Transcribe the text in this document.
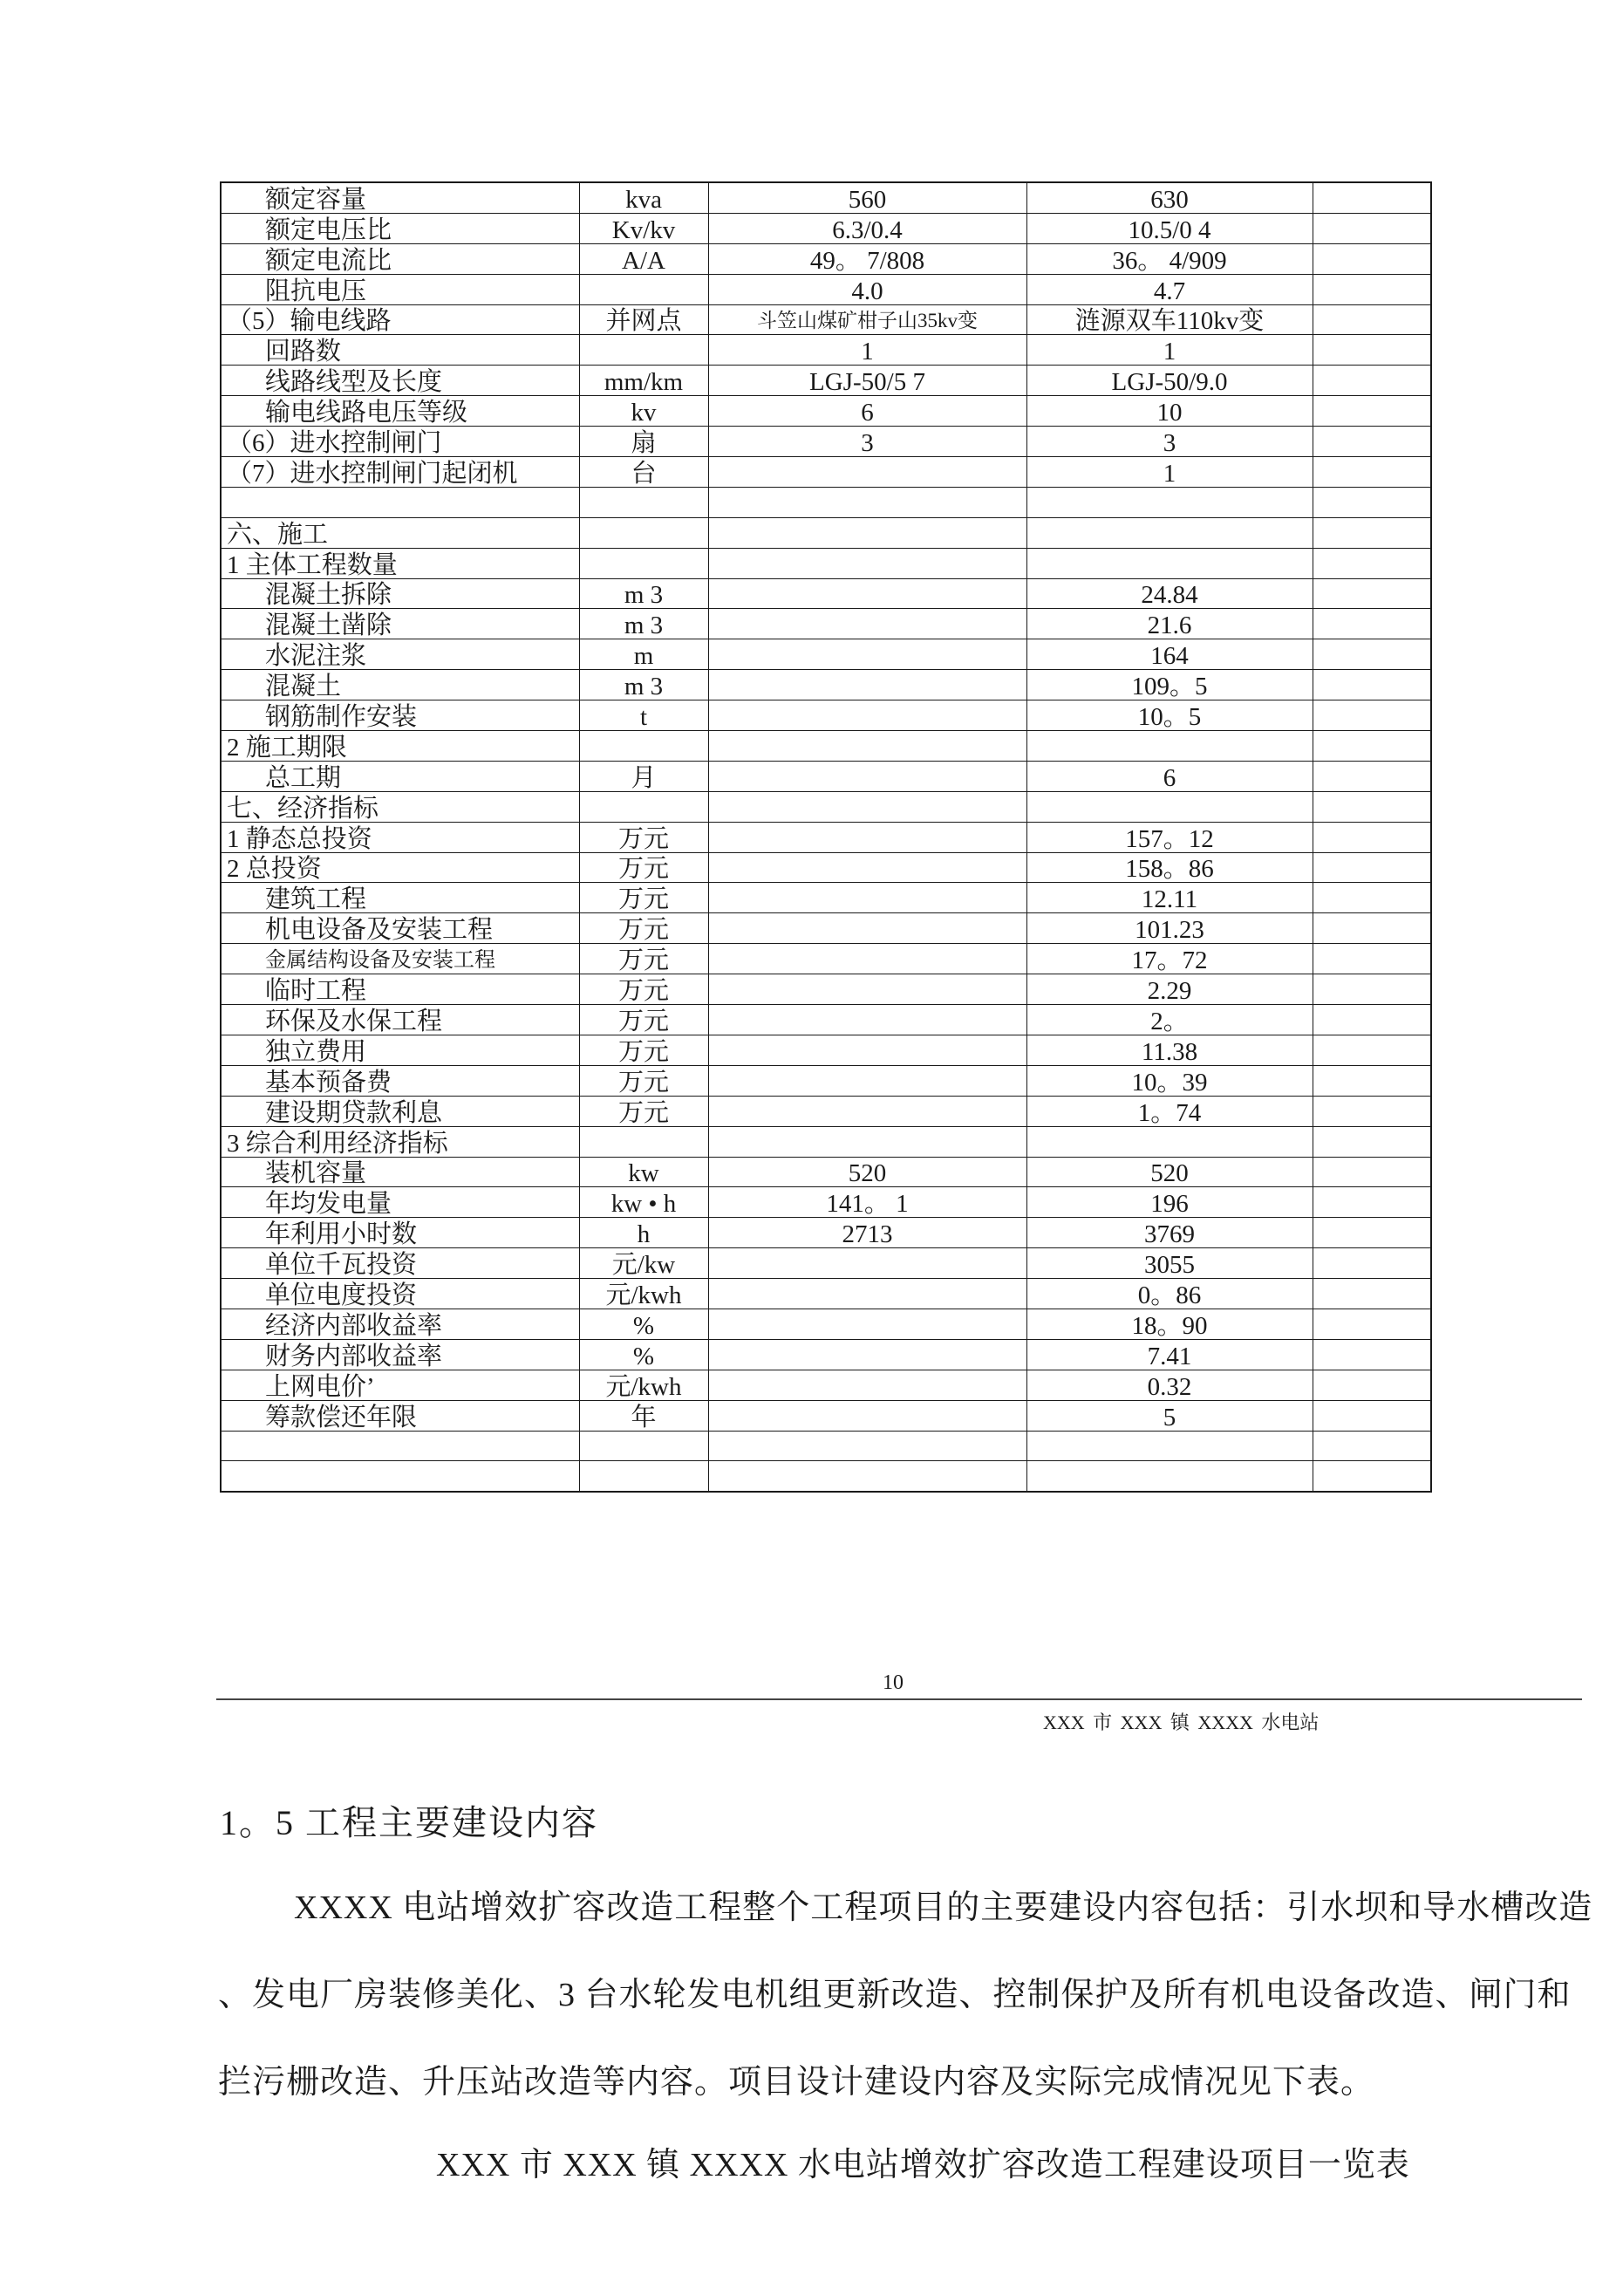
额定容量	kva	560	630	
额定电压比	Kv/kv	6.3/0.4	10.5/0 4	
额定电流比	A/A	49。 7/808	36。 4/909	
阻抗电压		4.0	4.7	
（5）输电线路	并网点	斗笠山煤矿柑子山35kv变	涟源双车110kv变	
回路数		1	1	
线路线型及长度	mm/km	LGJ-50/5 7	LGJ-50/9.0	
输电线路电压等级	kv	6	10	
（6）进水控制闸门	扇	3	3	
（7）进水控制闸门起闭机	台		1	

六、施工				
1 主体工程数量				
混凝土拆除	m 3		24.84	
混凝土凿除	m 3		21.6	
水泥注浆	m		164	
混凝土	m 3		109。5	
钢筋制作安装	t		10。5	
2 施工期限				
总工期	月		6	
七、经济指标				
1 静态总投资	万元		157。12	
2 总投资	万元		158。86	
建筑工程	万元		12.11	
机电设备及安装工程	万元		101.23	
金属结构设备及安装工程	万元		17。72	
临时工程	万元		2.29	
环保及水保工程	万元		2。	
独立费用	万元		11.38	
基本预备费	万元		10。39	
建设期贷款利息	万元		1。74	
3 综合利用经济指标				
装机容量	kw	520	520	
年均发电量	kw • h	141。 1	196	
年利用小时数	h	2713	3769	
单位千瓦投资	元/kw		3055	
单位电度投资	元/kwh		0。86	
经济内部收益率	%		18。90	
财务内部收益率	%		7.41	
上网电价’	元/kwh		0.32	
筹款偿还年限	年		5	

10
XXX 市 XXX 镇 XXXX 水电站
1。5 工程主要建设内容
XXXX 电站增效扩容改造工程整个工程项目的主要建设内容包括：引水坝和导水槽改造
、发电厂房装修美化、3 台水轮发电机组更新改造、控制保护及所有机电设备改造、闸门和
拦污栅改造、升压站改造等内容。项目设计建设内容及实际完成情况见下表。
XXX 市 XXX 镇 XXXX 水电站增效扩容改造工程建设项目一览表
